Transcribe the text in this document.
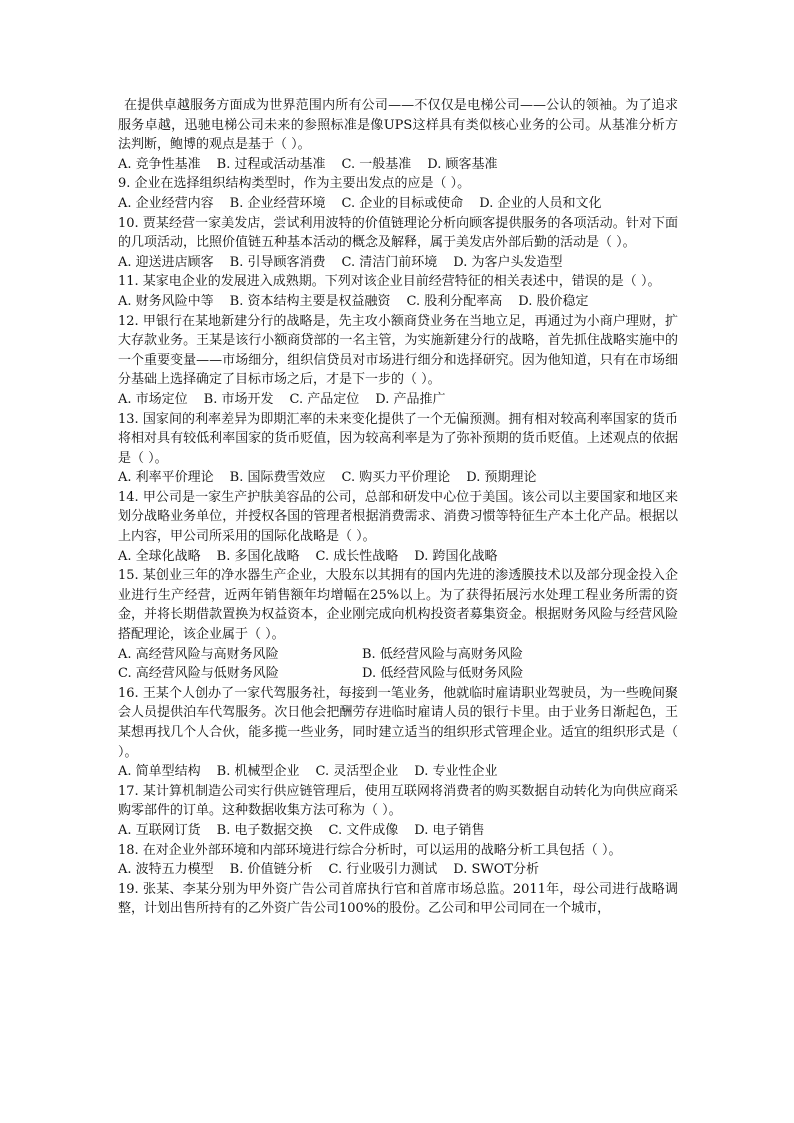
在提供卓越服务方面成为世界范围内所有公司——不仅仅是电梯公司——公认的领袖。为了追求服务卓越，迅驰电梯公司未来的参照标准是像UPS这样具有类似核心业务的公司。从基准分析方法判断，鲍博的观点是基于（ ）。

A. 竞争性基准 B. 过程或活动基准 C. 一般基准 D. 顾客基准

9. 企业在选择组织结构类型时，作为主要出发点的应是（ ）。

A. 企业经营内容 B. 企业经营环境 C. 企业的目标或使命 D. 企业的人员和文化

10. 贾某经营一家美发店，尝试利用波特的价值链理论分析向顾客提供服务的各项活动。针对下面的几项活动，比照价值链五种基本活动的概念及解释，属于美发店外部后勤的活动是（ ）。

A. 迎送进店顾客 B. 引导顾客消费 C. 清洁门前环境 D. 为客户头发造型

11. 某家电企业的发展进入成熟期。下列对该企业目前经营特征的相关表述中，错误的是（ ）。

A. 财务风险中等 B. 资本结构主要是权益融资 C. 股利分配率高 D. 股价稳定

12. 甲银行在某地新建分行的战略是，先主攻小额商贷业务在当地立足，再通过为小商户理财，扩大存款业务。王某是该行小额商贷部的一名主管，为实施新建分行的战略，首先抓住战略实施中的一个重要变量——市场细分，组织信贷员对市场进行细分和选择研究。因为他知道，只有在市场细分基础上选择确定了目标市场之后，才是下一步的（ ）。

A. 市场定位 B. 市场开发 C. 产品定位 D. 产品推广

13. 国家间的利率差异为即期汇率的未来变化提供了一个无偏预测。拥有相对较高利率国家的货币将相对具有较低利率国家的货币贬值，因为较高利率是为了弥补预期的货币贬值。上述观点的依据是（ ）。

A. 利率平价理论 B. 国际费雪效应 C. 购买力平价理论 D. 预期理论

14. 甲公司是一家生产护肤美容品的公司，总部和研发中心位于美国。该公司以主要国家和地区来划分战略业务单位，并授权各国的管理者根据消费需求、消费习惯等特征生产本土化产品。根据以上内容，甲公司所采用的国际化战略是（ ）。

A. 全球化战略 B. 多国化战略 C. 成长性战略 D. 跨国化战略

15. 某创业三年的净水器生产企业，大股东以其拥有的国内先进的渗透膜技术以及部分现金投入企业进行生产经营，近两年销售额年均增幅在25%以上。为了获得拓展污水处理工程业务所需的资金，并将长期借款置换为权益资本，企业刚完成向机构投资者募集资金。根据财务风险与经营风险搭配理论，该企业属于（ ）。

A. 高经营风险与高财务风险	B. 低经营风险与高财务风险
C. 高经营风险与低财务风险	D. 低经营风险与低财务风险

16. 王某个人创办了一家代驾服务社，每接到一笔业务，他就临时雇请职业驾驶员，为一些晚间聚会人员提供泊车代驾服务。次日他会把酬劳存进临时雇请人员的银行卡里。由于业务日渐起色，王某想再找几个人合伙，能多揽一些业务，同时建立适当的组织形式管理企业。适宜的组织形式是（ ）。

A. 简单型结构 B. 机械型企业 C. 灵活型企业 D. 专业性企业

17. 某计算机制造公司实行供应链管理后，使用互联网将消费者的购买数据自动转化为向供应商采购零部件的订单。这种数据收集方法可称为（ ）。

A. 互联网订货 B. 电子数据交换 C. 文件成像 D. 电子销售

18. 在对企业外部环境和内部环境进行综合分析时，可以运用的战略分析工具包括（ ）。

A. 波特五力模型 B. 价值链分析 C. 行业吸引力测试 D. SWOT分析

19. 张某、李某分别为甲外资广告公司首席执行官和首席市场总监。2011年，母公司进行战略调整，计划出售所持有的乙外资广告公司100%的股份。乙公司和甲公司同在一个城市，
